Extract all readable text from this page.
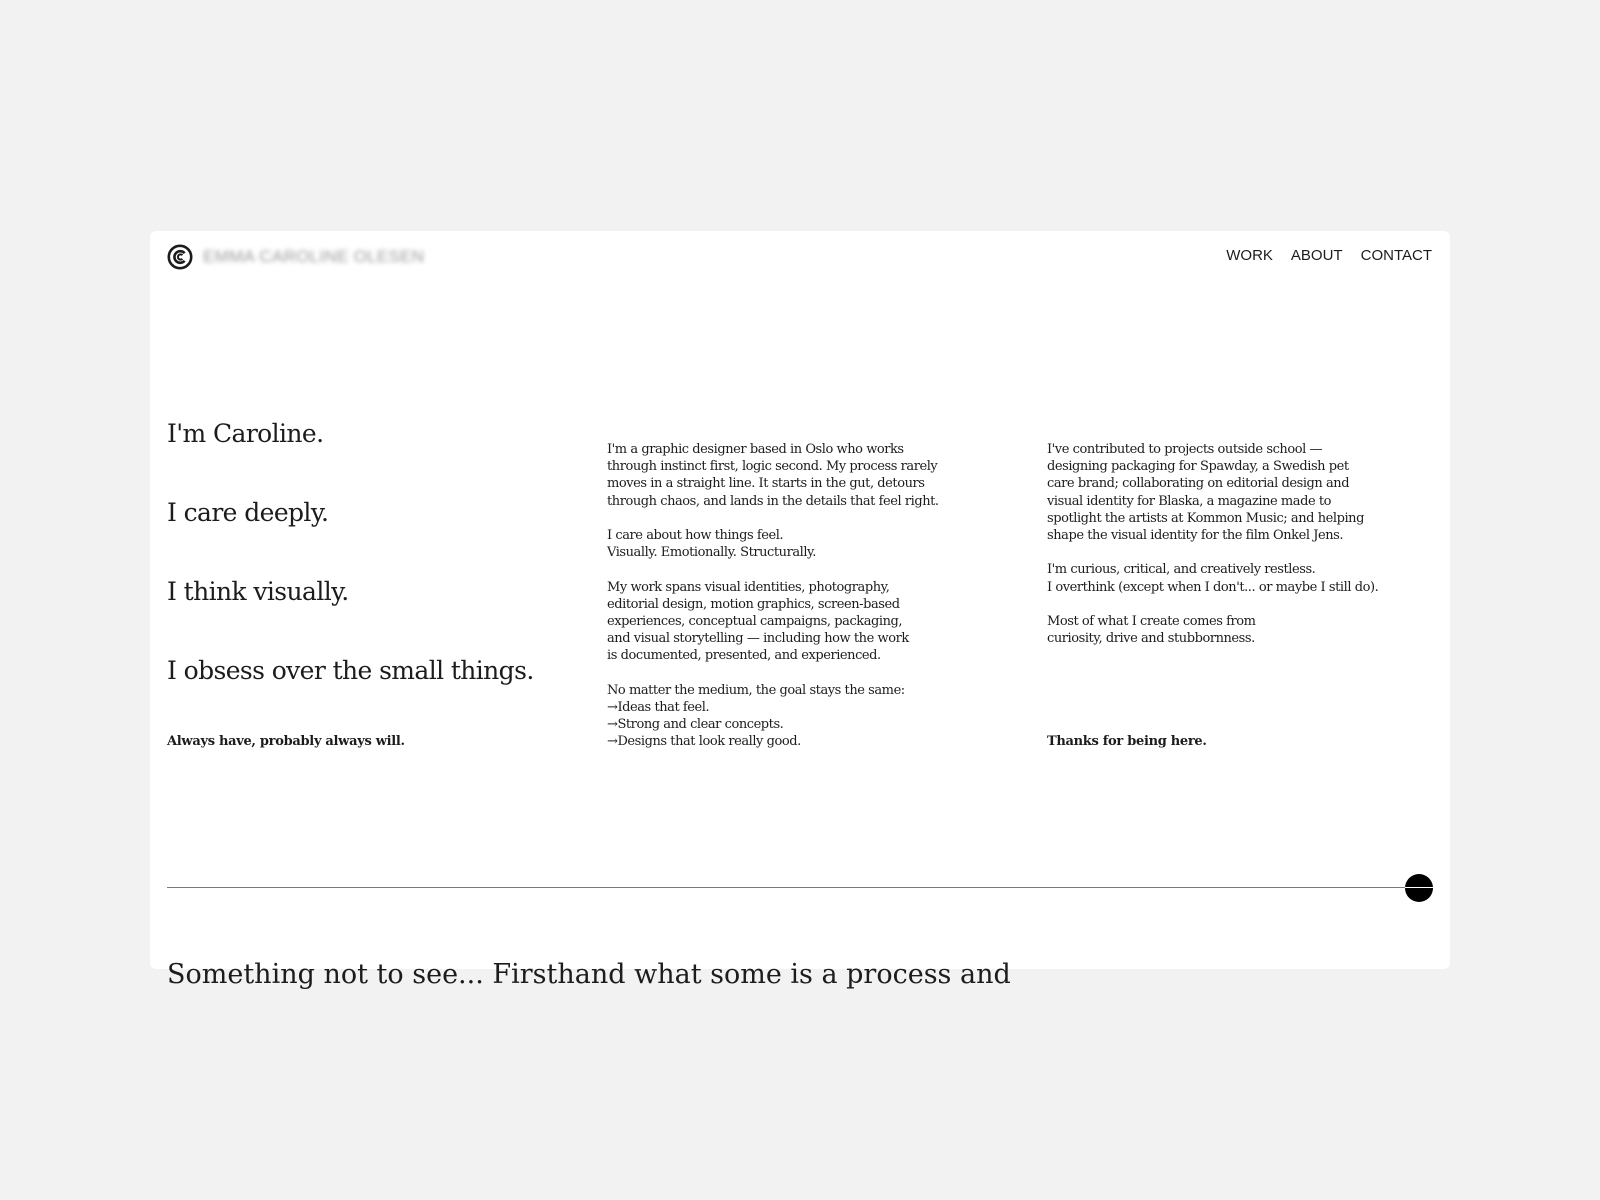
EMMA CAROLINE OLESEN	WORK ABOUT CONTACT
I'm Caroline.
I care deeply.
I think visually.
I obsess over the small things.

Always have, probably always will.

I'm a graphic designer based in Oslo who works
through instinct first, logic second. My process rarely
moves in a straight line. It starts in the gut, detours
through chaos, and lands in the details that feel right.

I care about how things feel.
Visually. Emotionally. Structurally.

My work spans visual identities, photography,
editorial design, motion graphics, screen-based
experiences, conceptual campaigns, packaging,
and visual storytelling — including how the work
is documented, presented, and experienced.

No matter the medium, the goal stays the same:

→ Ideas that feel.
→ Strong and clear concepts.
→ Designs that look really good.

I've contributed to projects outside school —
designing packaging for Spawday, a Swedish pet
care brand; collaborating on editorial design and
visual identity for Blaska, a magazine made to
spotlight the artists at Kommon Music; and helping
shape the visual identity for the film Onkel Jens.

I'm curious, critical, and creatively restless.
I overthink (except when I don't... or maybe I still do).

Most of what I create comes from
curiosity, drive and stubbornness.

Thanks for being here.

Something not to see... Firsthand what some is a process and
